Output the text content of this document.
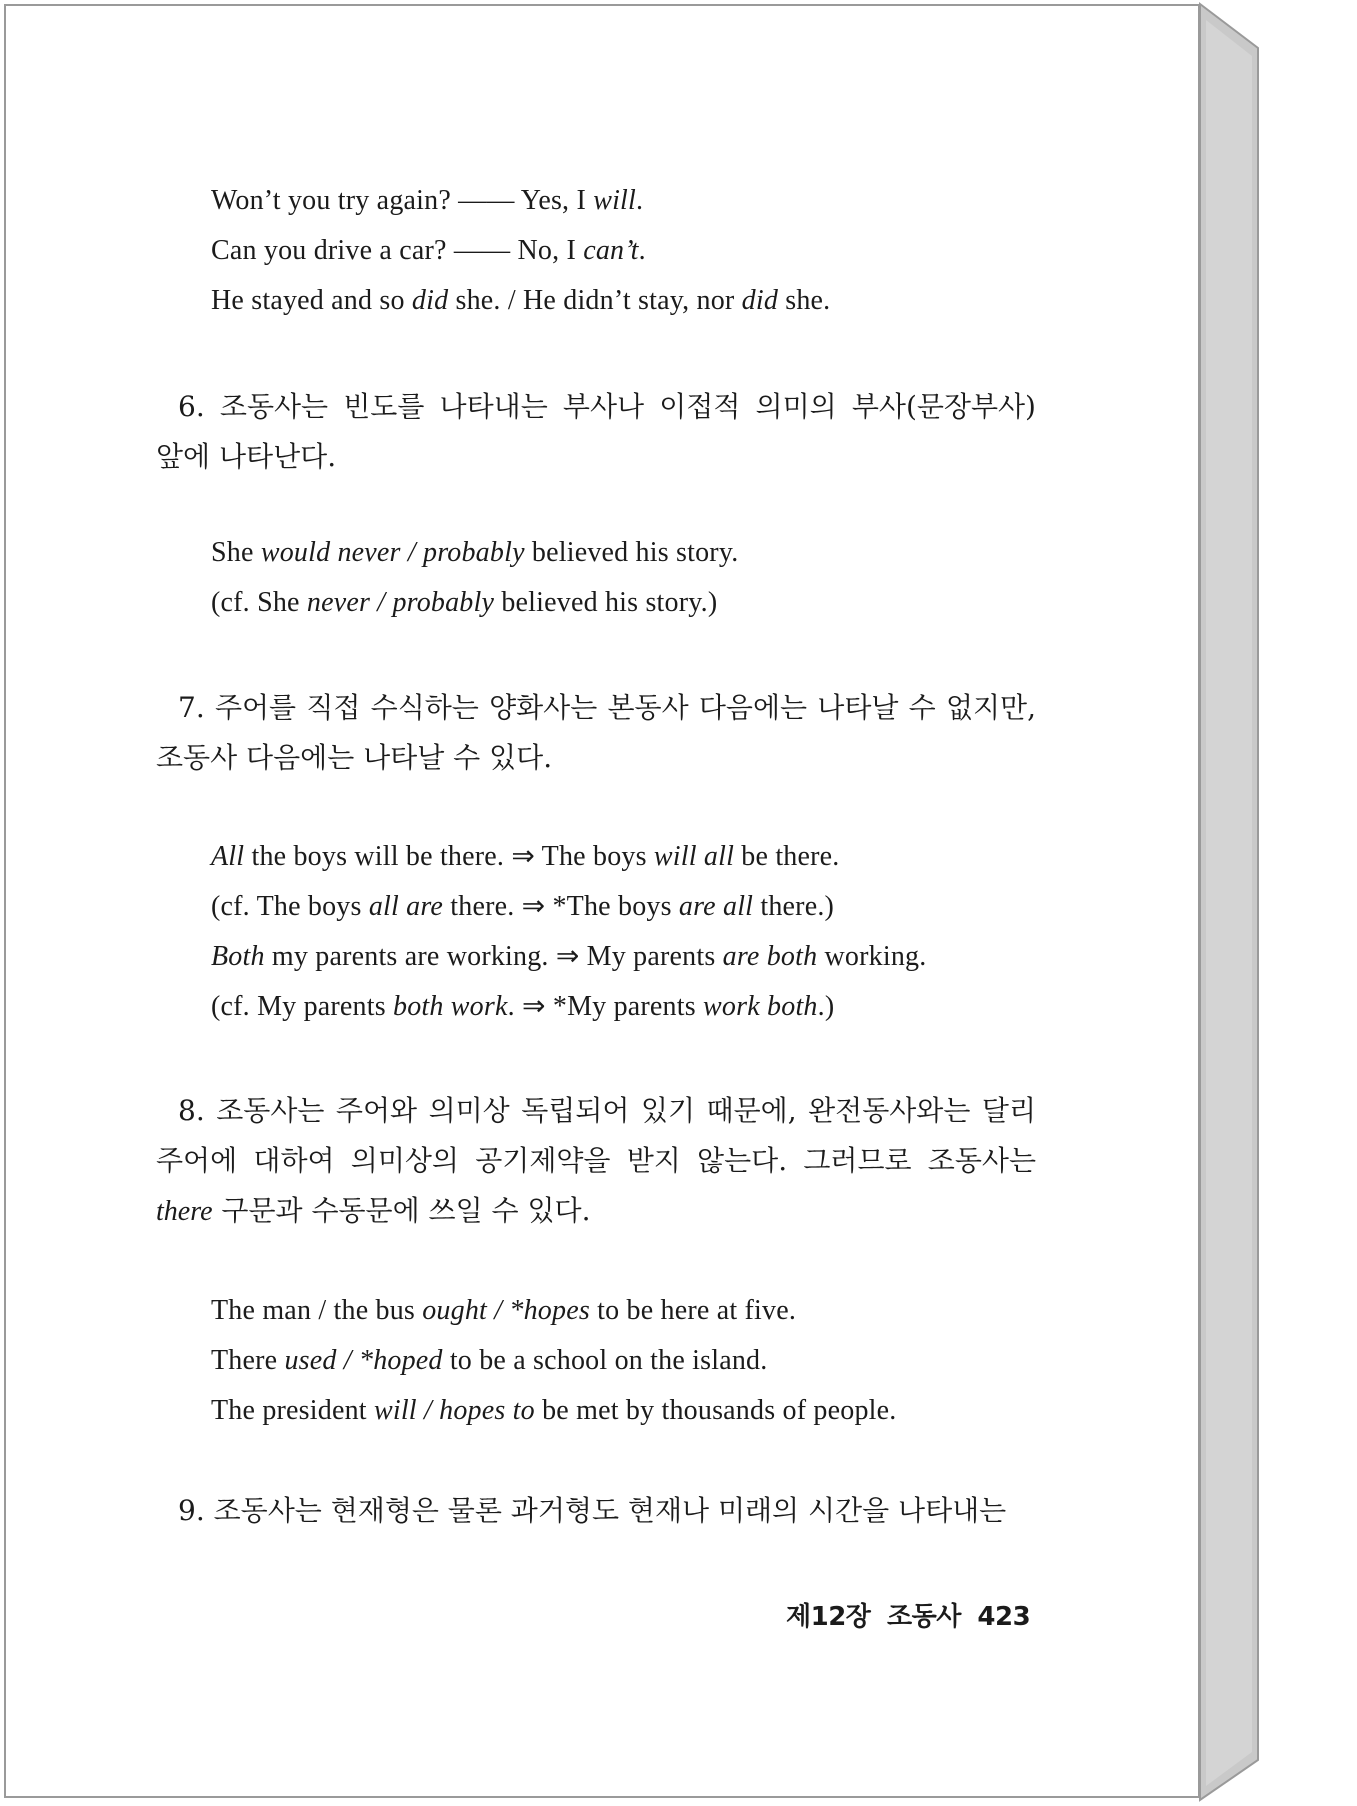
Won’t you try again? —— Yes, I will.
Can you drive a car? —— No, I can’t.
He stayed and so did she. / He didn’t stay, nor did she.
6. 조동사는 빈도를 나타내는 부사나 이접적 의미의 부사(문장부사) 앞에 나타난다.
She would never / probably believed his story.
(cf. She never / probably believed his story.)
7. 주어를 직접 수식하는 양화사는 본동사 다음에는 나타날 수 없지만, 조동사 다음에는 나타날 수 있다.
All the boys will be there. ⇒ The boys will all be there.
(cf. The boys all are there. ⇒ *The boys are all there.)
Both my parents are working. ⇒ My parents are both working.
(cf. My parents both work. ⇒ *My parents work both.)
8. 조동사는 주어와 의미상 독립되어 있기 때문에, 완전동사와는 달리 주어에 대하여 의미상의 공기제약을 받지 않는다. 그러므로 조동사는 there 구문과 수동문에 쓰일 수 있다.
The man / the bus ought / *hopes to be here at five.
There used / *hoped to be a school on the island.
The president will / hopes to be met by thousands of people.
9. 조동사는 현재형은 물론 과거형도 현재나 미래의 시간을 나타내는
제12장 조동사 423
